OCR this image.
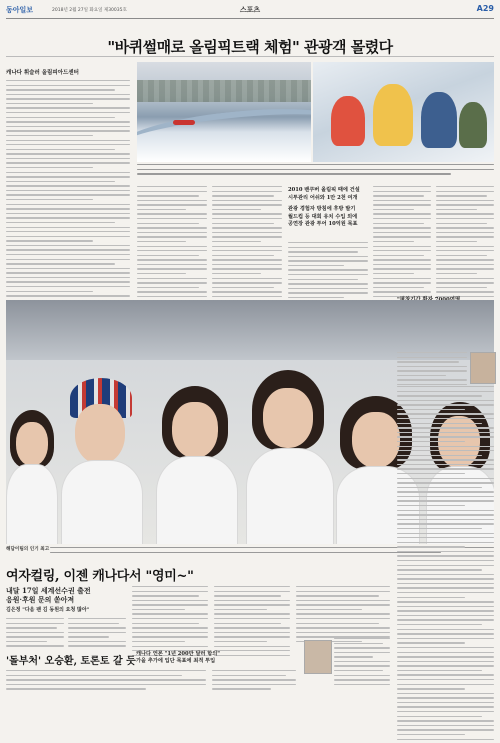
동아일보	2018년 2월 27일 화요일 제30035호	스포츠	A29
"바퀴썰매로 올림픽트랙 체험" 관광객 몰렸다
캐나다 휘슬러 올림피아드센터
2010 밴쿠버 올림픽 때에 건설
시투관리 어쉬와 1만 2천 여개
관광 경험자 방침에 후방 발기
월드컵 등 대회 유치 수입 외에
공연장 관광 투어 10억원 목표
해담이팀의 인기 최고
여자컬링, 이젠 캐나다서 "영미~"
내달 17일 세계선수권 출전
응원·후원 문의 쏟아져
김은정 "다음 팬 김 동원의 요청 많아"
'돌부처' 오승환, 토론토 갈 듯
캐나다 언론 "1년 200만 달러 합의"
가을 추가에 입단 목표에 최적 투입
